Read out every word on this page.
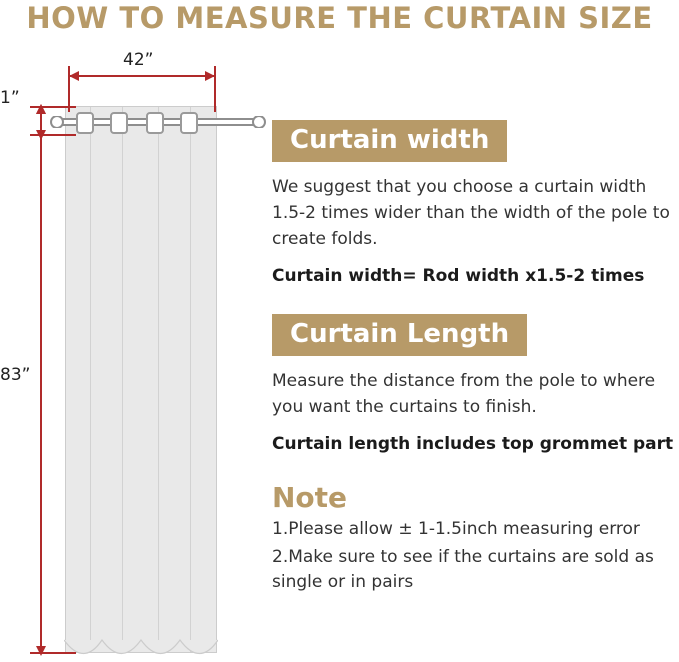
HOW TO MEASURE THE CURTAIN SIZE
42”
1”
83”
Curtain width
We suggest that you choose a curtain width 1.5-2 times wider than the width of the pole to create folds.
Curtain width= Rod width x1.5-2 times
Curtain Length
Measure the distance from the pole to where you want the curtains to finish.
Curtain length includes top grommet part
Note
1.Please allow ± 1-1.5inch measuring error
2.Make sure to see if the curtains are sold as single or in pairs
